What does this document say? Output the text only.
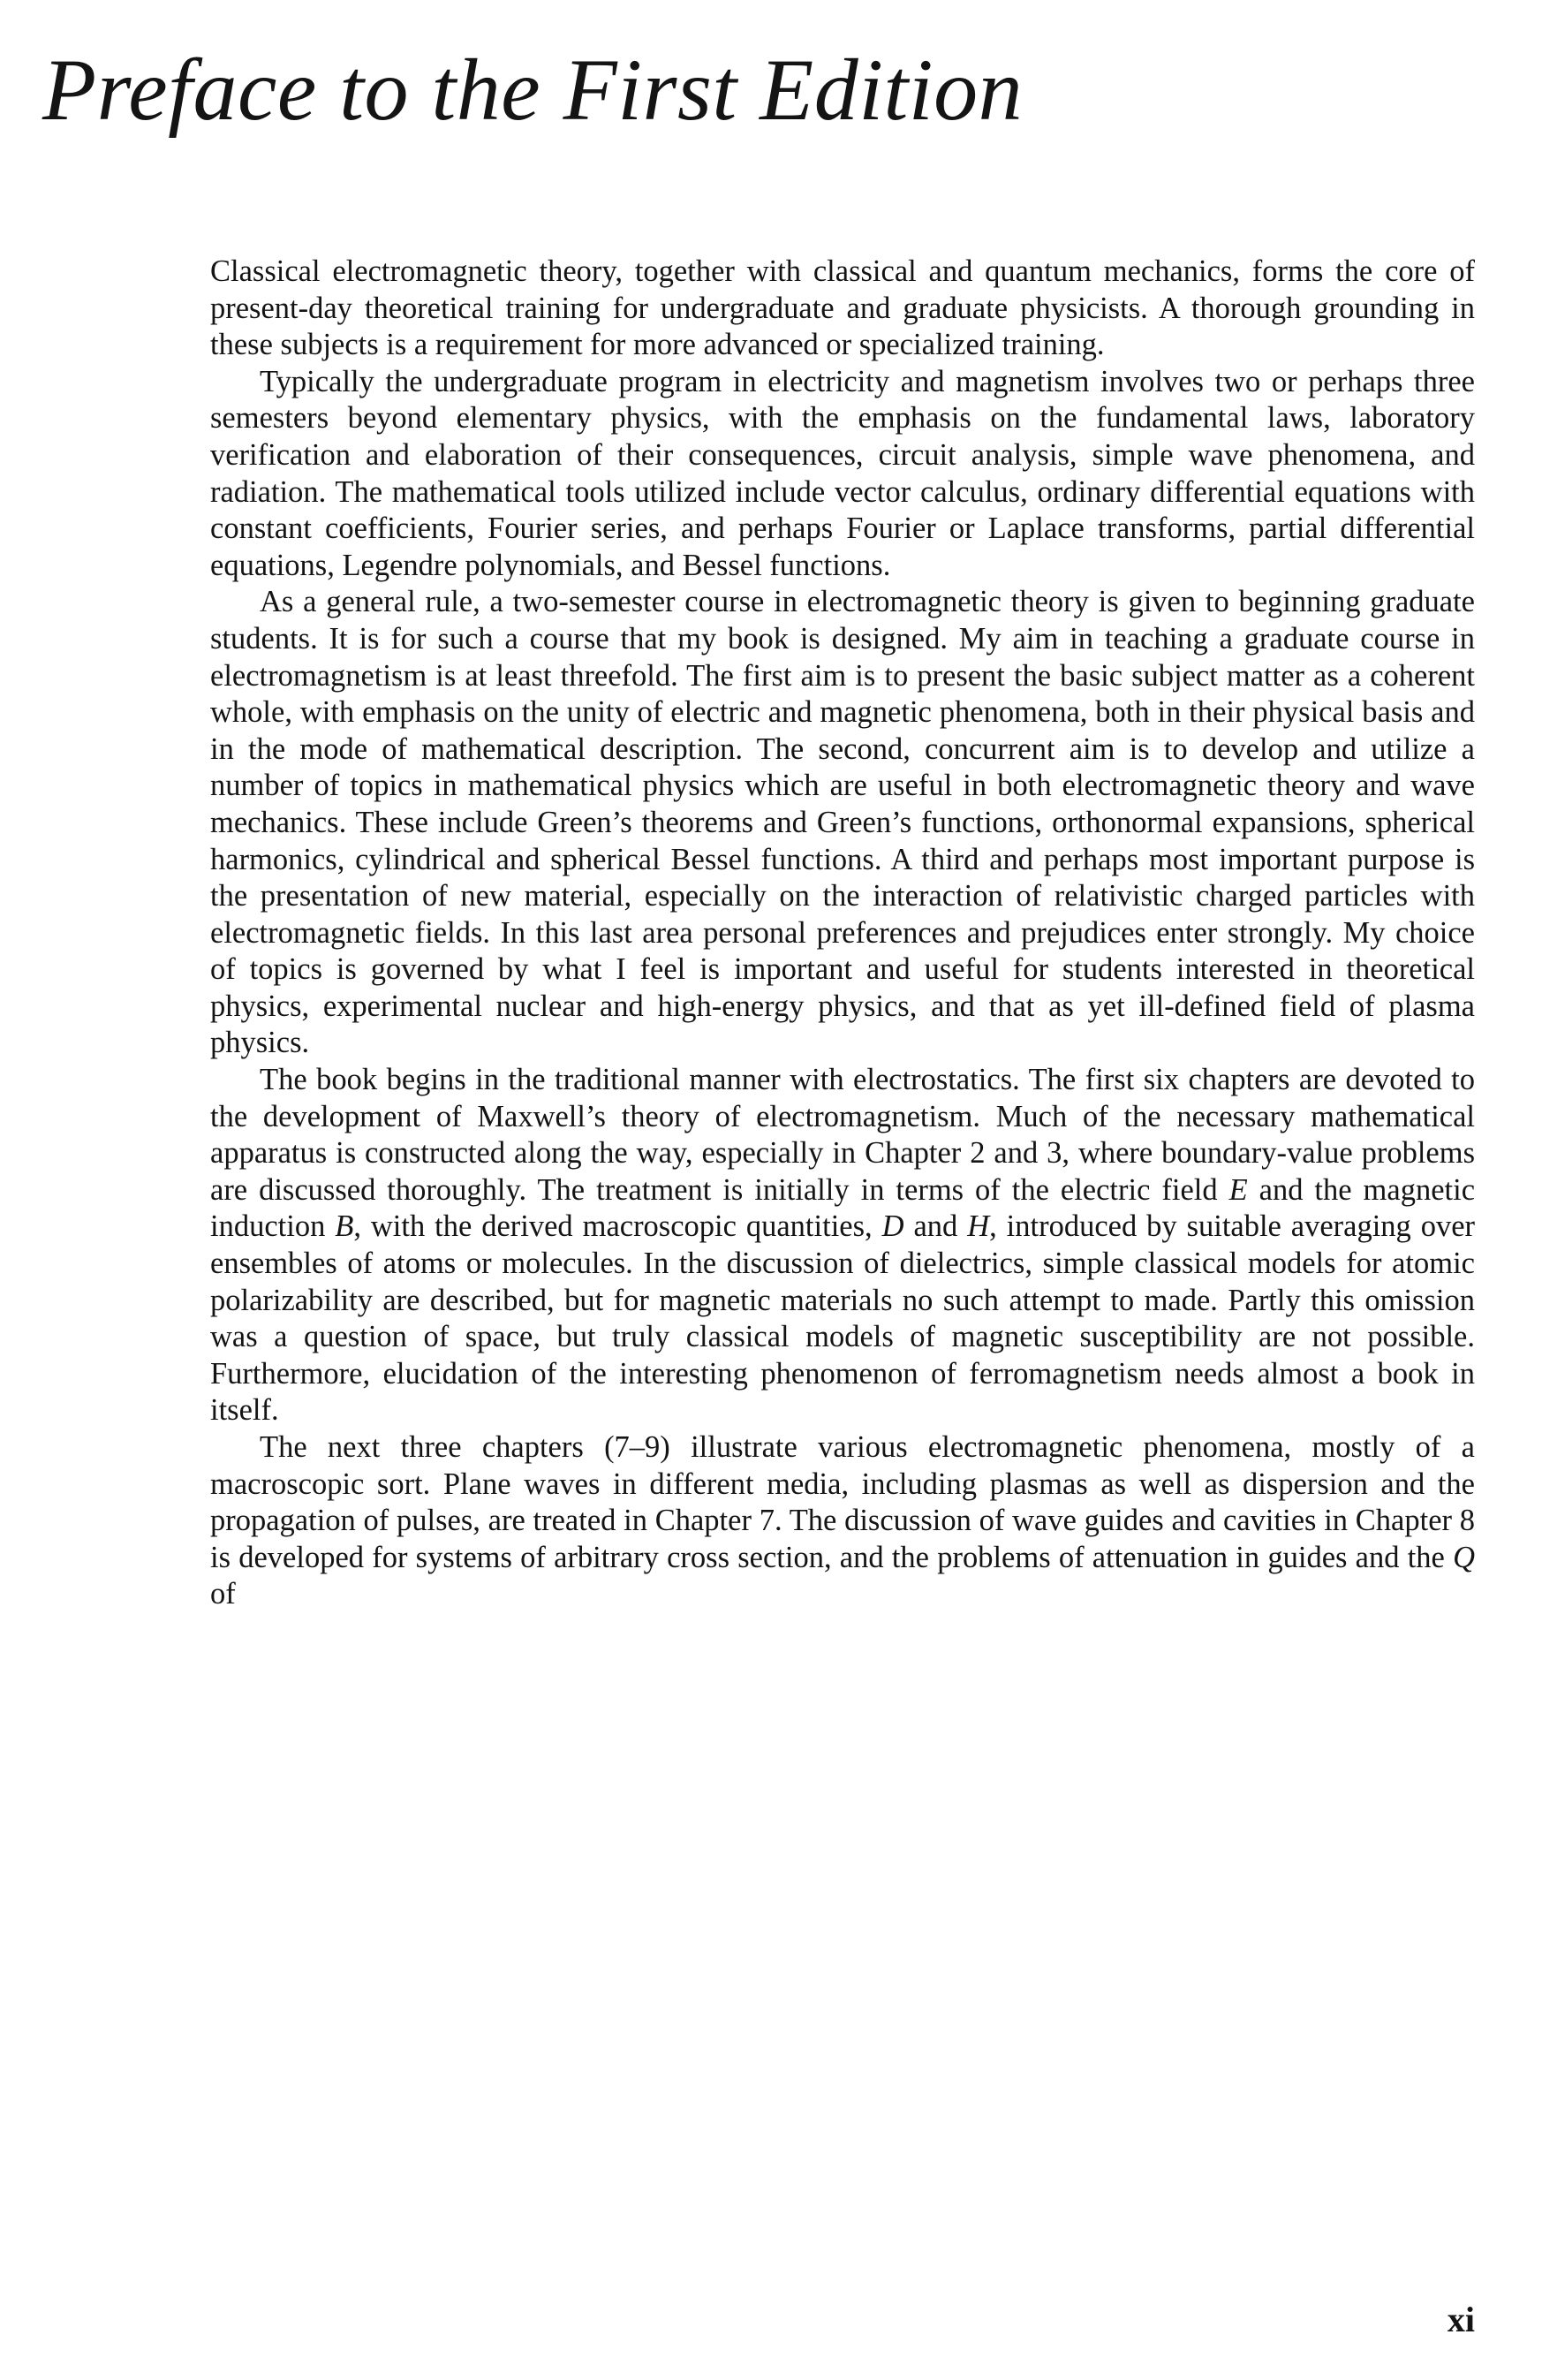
Preface to the First Edition

Classical electromagnetic theory, together with classical and quantum mechanics, forms the core of present-day theoretical training for undergraduate and graduate physicists. A thorough grounding in these subjects is a requirement for more advanced or specialized training.

Typically the undergraduate program in electricity and magnetism involves two or perhaps three semesters beyond elementary physics, with the emphasis on the fundamental laws, laboratory verification and elaboration of their consequences, circuit analysis, simple wave phenomena, and radiation. The mathematical tools utilized include vector calculus, ordinary differential equations with constant coefficients, Fourier series, and perhaps Fourier or Laplace transforms, partial differential equations, Legendre polynomials, and Bessel functions.

As a general rule, a two-semester course in electromagnetic theory is given to beginning graduate students. It is for such a course that my book is designed. My aim in teaching a graduate course in electromagnetism is at least threefold. The first aim is to present the basic subject matter as a coherent whole, with emphasis on the unity of electric and magnetic phenomena, both in their physical basis and in the mode of mathematical description. The second, concurrent aim is to develop and utilize a number of topics in mathematical physics which are useful in both electromagnetic theory and wave mechanics. These include Green’s theorems and Green’s functions, orthonormal expansions, spherical harmonics, cylindrical and spherical Bessel functions. A third and perhaps most important purpose is the presentation of new material, especially on the interaction of relativistic charged particles with electromagnetic fields. In this last area personal preferences and prejudices enter strongly. My choice of topics is governed by what I feel is important and useful for students interested in theoretical physics, experimental nuclear and high-energy physics, and that as yet ill-defined field of plasma physics.

The book begins in the traditional manner with electrostatics. The first six chapters are devoted to the development of Maxwell’s theory of electromagnetism. Much of the necessary mathematical apparatus is constructed along the way, especially in Chapter 2 and 3, where boundary-value problems are discussed thoroughly. The treatment is initially in terms of the electric field E and the magnetic induction B, with the derived macroscopic quantities, D and H, introduced by suitable averaging over ensembles of atoms or molecules. In the discussion of dielectrics, simple classical models for atomic polarizability are described, but for magnetic materials no such attempt to made. Partly this omission was a question of space, but truly classical models of magnetic susceptibility are not possible. Furthermore, elucidation of the interesting phenomenon of ferromagnetism needs almost a book in itself.

The next three chapters (7–9) illustrate various electromagnetic phenomena, mostly of a macroscopic sort. Plane waves in different media, including plasmas as well as dispersion and the propagation of pulses, are treated in Chapter 7. The discussion of wave guides and cavities in Chapter 8 is developed for systems of arbitrary cross section, and the problems of attenuation in guides and the Q of

xi
